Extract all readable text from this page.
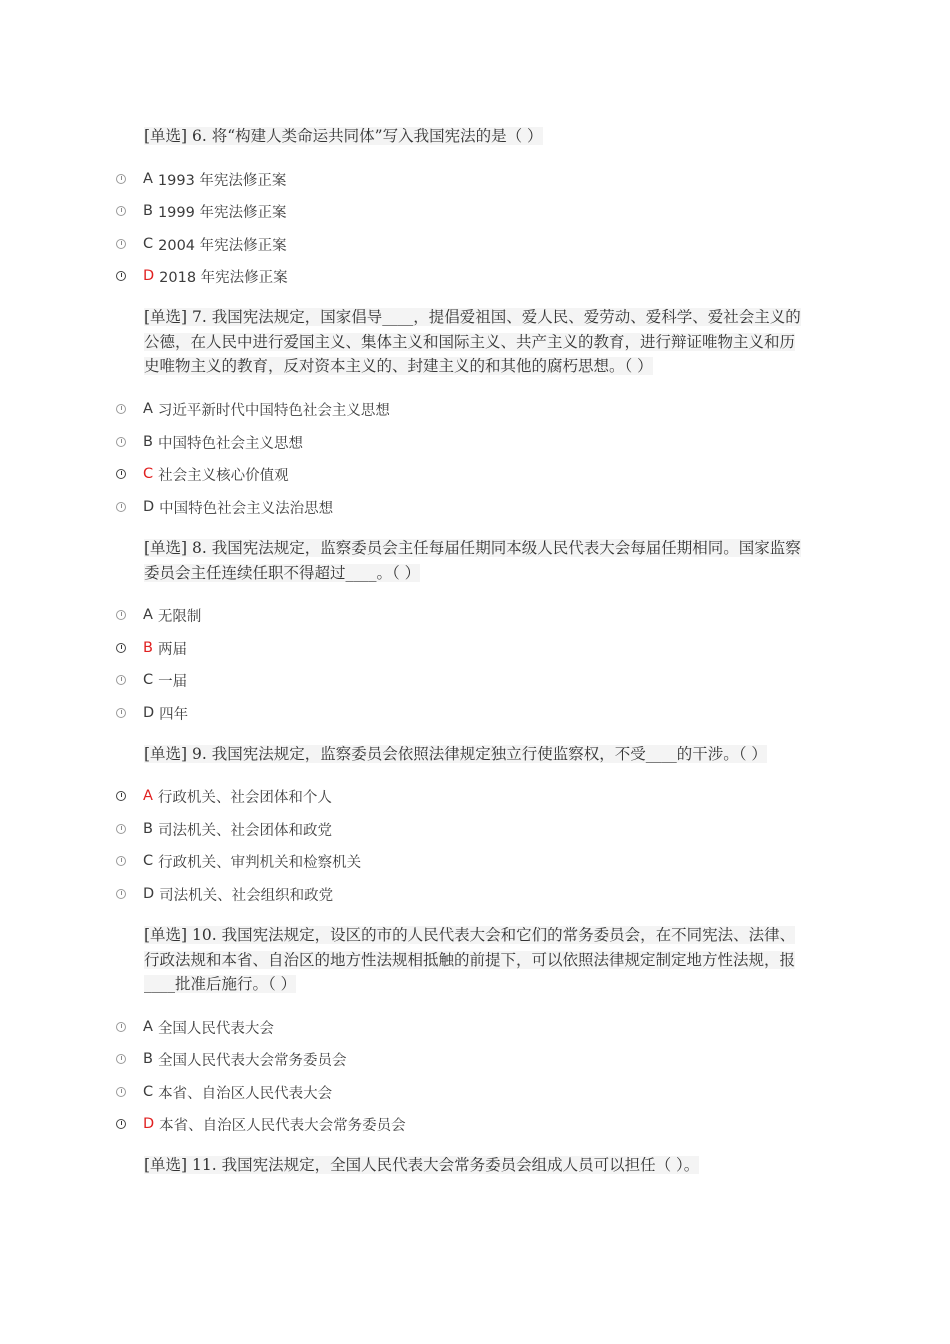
[单选] 6. 将“构建人类命运共同体”写入我国宪法的是（ ）

A 1993 年宪法修正案
B 1999 年宪法修正案
C 2004 年宪法修正案
D 2018 年宪法修正案

[单选] 7. 我国宪法规定，国家倡导____，提倡爱祖国、爱人民、爱劳动、爱科学、爱社会主义的公德，在人民中进行爱国主义、集体主义和国际主义、共产主义的教育，进行辩证唯物主义和历史唯物主义的教育，反对资本主义的、封建主义的和其他的腐朽思想。（ ）

A 习近平新时代中国特色社会主义思想
B 中国特色社会主义思想
C 社会主义核心价值观
D 中国特色社会主义法治思想

[单选] 8. 我国宪法规定，监察委员会主任每届任期同本级人民代表大会每届任期相同。国家监察委员会主任连续任职不得超过____。（ ）

A 无限制
B 两届
C 一届
D 四年

[单选] 9. 我国宪法规定，监察委员会依照法律规定独立行使监察权，不受____的干涉。（ ）

A 行政机关、社会团体和个人
B 司法机关、社会团体和政党
C 行政机关、审判机关和检察机关
D 司法机关、社会组织和政党

[单选] 10. 我国宪法规定，设区的市的人民代表大会和它们的常务委员会，在不同宪法、法律、行政法规和本省、自治区的地方性法规相抵触的前提下，可以依照法律规定制定地方性法规，报____批准后施行。（ ）

A 全国人民代表大会
B 全国人民代表大会常务委员会
C 本省、自治区人民代表大会
D 本省、自治区人民代表大会常务委员会

[单选] 11. 我国宪法规定，全国人民代表大会常务委员会组成人员可以担任（ ）。
